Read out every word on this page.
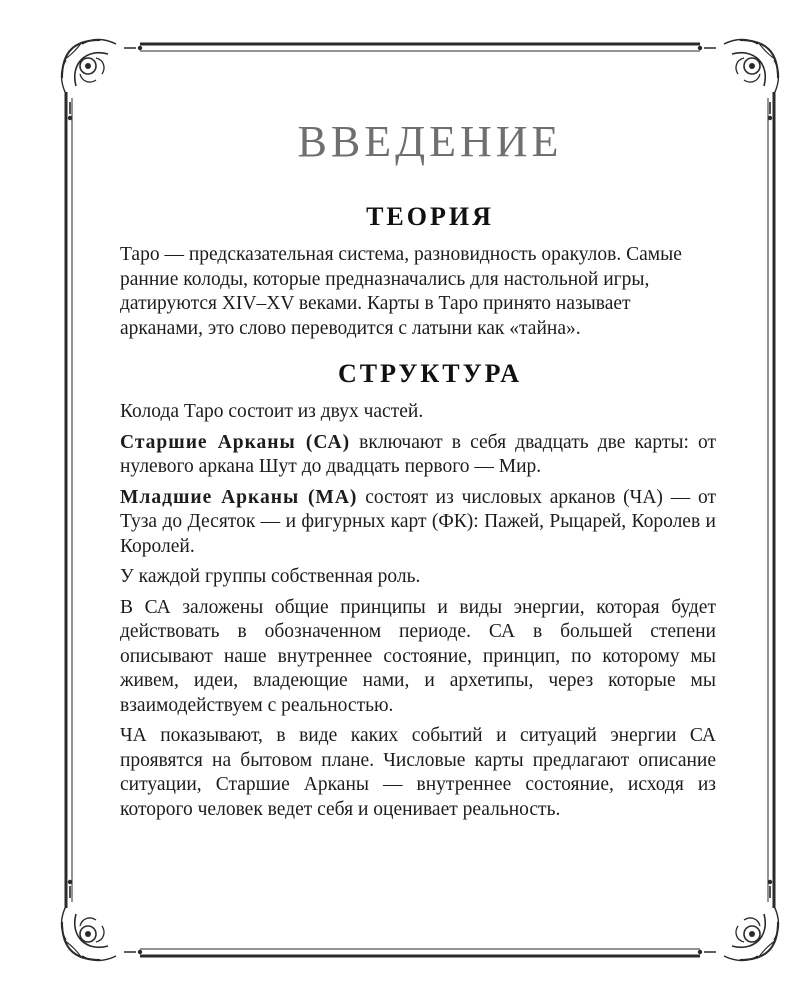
ВВЕДЕНИЕ
ТЕОРИЯ

Таро — предсказательная система, разновидность оракулов. Самые ранние колоды, которые предназначались для настольной игры, датируются XIV–XV веками. Карты в Таро принято называет арканами, это слово переводится с латыни как «тайна».

СТРУКТУРА

Колода Таро состоит из двух частей.

Старшие Арканы (СА) включают в себя двадцать две карты: от нулевого аркана Шут до двадцать первого — Мир.

Младшие Арканы (МА) состоят из числовых арканов (ЧА) — от Туза до Десяток — и фигурных карт (ФК): Пажей, Рыцарей, Королев и Королей.

У каждой группы собственная роль.

В СА заложены общие принципы и виды энергии, которая будет действовать в обозначенном периоде. СА в большей степени описывают наше внутреннее состояние, принцип, по которому мы живем, идеи, владеющие нами, и архетипы, через которые мы взаимодействуем с реальностью.

ЧА показывают, в виде каких событий и ситуаций энергии СА проявятся на бытовом плане. Числовые карты предлагают описание ситуации, Старшие Арканы — внутреннее состояние, исходя из которого человек ведет себя и оценивает реальность.
